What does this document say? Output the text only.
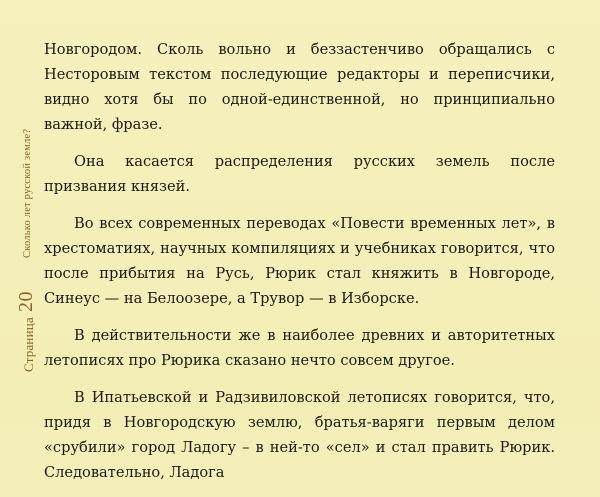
Страница
20
Сколько лет русской земле?

Новгородом. Сколь вольно и беззастенчиво обращались с Несторовым текстом последующие редакторы и переписчики, видно хотя бы по одной-единственной, но принципиально важной, фразе.

Она касается распределения русских земель после призвания князей.

Во всех современных переводах «Повести временных лет», в хрестоматиях, научных компиляциях и учебниках говорится, что после прибытия на Русь, Рюрик стал княжить в Новгороде, Синеус — на Белоозере, а Трувор — в Изборске.

В действительности же в наиболее древних и авторитетных летописях про Рюрика сказано нечто совсем другое.

В Ипатьевской и Радзивиловской летописях говорится, что, придя в Новгородскую землю, братья-варяги первым делом «срубили» город Ладогу – в ней-то «сел» и стал править Рюрик. Следовательно, Ладога
